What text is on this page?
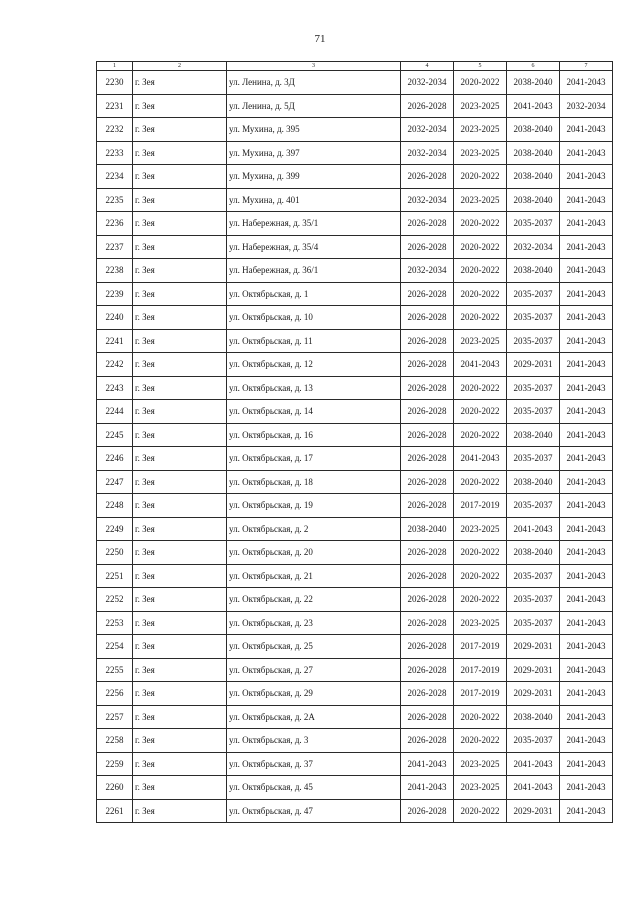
71
1	2	3	4	5	6	7
2230	г. Зея	ул. Ленина, д. 3Д	2032-2034	2020-2022	2038-2040	2041-2043
2231	г. Зея	ул. Ленина, д. 5Д	2026-2028	2023-2025	2041-2043	2032-2034
2232	г. Зея	ул. Мухина, д. 395	2032-2034	2023-2025	2038-2040	2041-2043
2233	г. Зея	ул. Мухина, д. 397	2032-2034	2023-2025	2038-2040	2041-2043
2234	г. Зея	ул. Мухина, д. 399	2026-2028	2020-2022	2038-2040	2041-2043
2235	г. Зея	ул. Мухина, д. 401	2032-2034	2023-2025	2038-2040	2041-2043
2236	г. Зея	ул. Набережная, д. 35/1	2026-2028	2020-2022	2035-2037	2041-2043
2237	г. Зея	ул. Набережная, д. 35/4	2026-2028	2020-2022	2032-2034	2041-2043
2238	г. Зея	ул. Набережная, д. 36/1	2032-2034	2020-2022	2038-2040	2041-2043
2239	г. Зея	ул. Октябрьская, д. 1	2026-2028	2020-2022	2035-2037	2041-2043
2240	г. Зея	ул. Октябрьская, д. 10	2026-2028	2020-2022	2035-2037	2041-2043
2241	г. Зея	ул. Октябрьская, д. 11	2026-2028	2023-2025	2035-2037	2041-2043
2242	г. Зея	ул. Октябрьская, д. 12	2026-2028	2041-2043	2029-2031	2041-2043
2243	г. Зея	ул. Октябрьская, д. 13	2026-2028	2020-2022	2035-2037	2041-2043
2244	г. Зея	ул. Октябрьская, д. 14	2026-2028	2020-2022	2035-2037	2041-2043
2245	г. Зея	ул. Октябрьская, д. 16	2026-2028	2020-2022	2038-2040	2041-2043
2246	г. Зея	ул. Октябрьская, д. 17	2026-2028	2041-2043	2035-2037	2041-2043
2247	г. Зея	ул. Октябрьская, д. 18	2026-2028	2020-2022	2038-2040	2041-2043
2248	г. Зея	ул. Октябрьская, д. 19	2026-2028	2017-2019	2035-2037	2041-2043
2249	г. Зея	ул. Октябрьская, д. 2	2038-2040	2023-2025	2041-2043	2041-2043
2250	г. Зея	ул. Октябрьская, д. 20	2026-2028	2020-2022	2038-2040	2041-2043
2251	г. Зея	ул. Октябрьская, д. 21	2026-2028	2020-2022	2035-2037	2041-2043
2252	г. Зея	ул. Октябрьская, д. 22	2026-2028	2020-2022	2035-2037	2041-2043
2253	г. Зея	ул. Октябрьская, д. 23	2026-2028	2023-2025	2035-2037	2041-2043
2254	г. Зея	ул. Октябрьская, д. 25	2026-2028	2017-2019	2029-2031	2041-2043
2255	г. Зея	ул. Октябрьская, д. 27	2026-2028	2017-2019	2029-2031	2041-2043
2256	г. Зея	ул. Октябрьская, д. 29	2026-2028	2017-2019	2029-2031	2041-2043
2257	г. Зея	ул. Октябрьская, д. 2А	2026-2028	2020-2022	2038-2040	2041-2043
2258	г. Зея	ул. Октябрьская, д. 3	2026-2028	2020-2022	2035-2037	2041-2043
2259	г. Зея	ул. Октябрьская, д. 37	2041-2043	2023-2025	2041-2043	2041-2043
2260	г. Зея	ул. Октябрьская, д. 45	2041-2043	2023-2025	2041-2043	2041-2043
2261	г. Зея	ул. Октябрьская, д. 47	2026-2028	2020-2022	2029-2031	2041-2043
